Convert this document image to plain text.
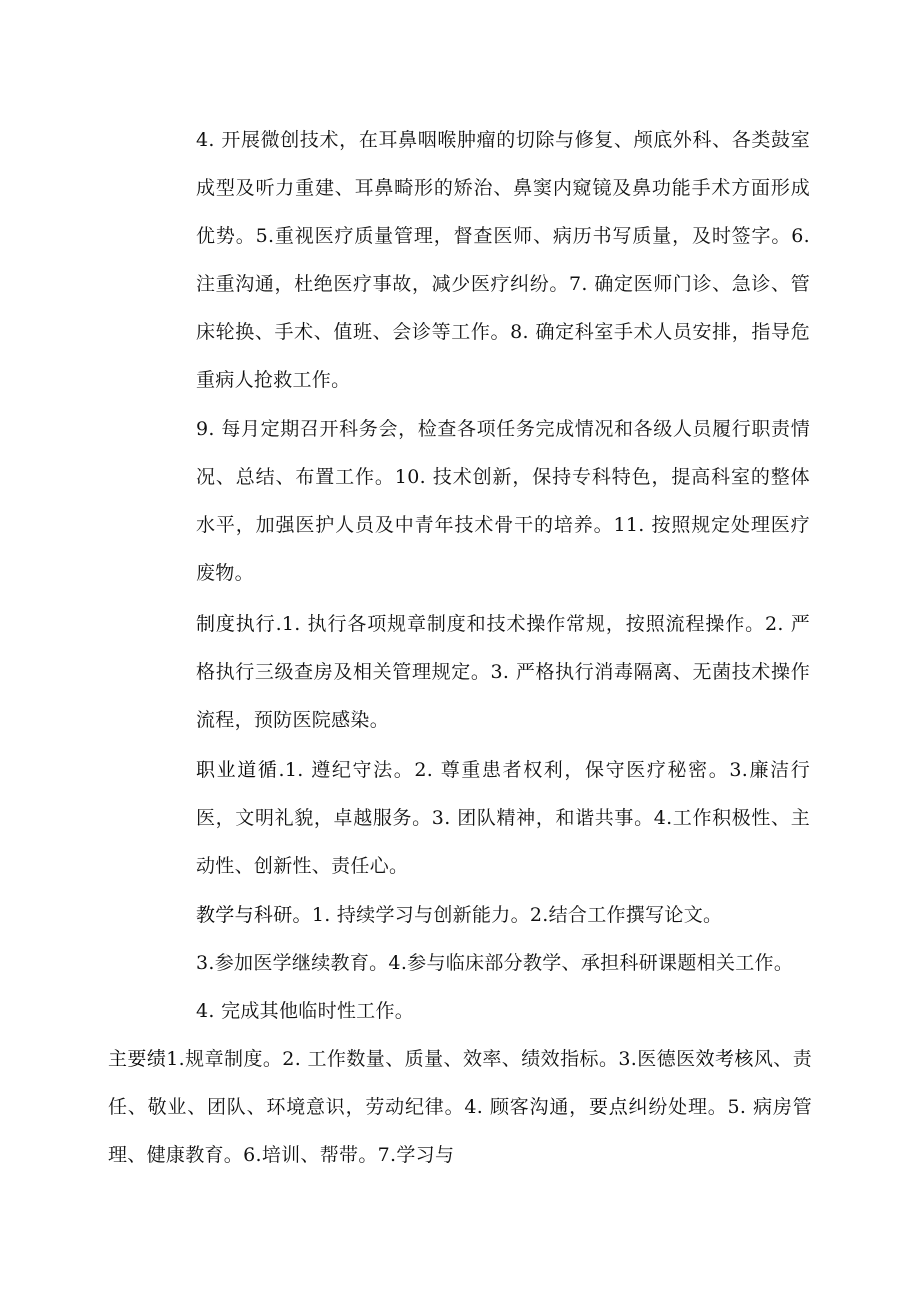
4. 开展微创技术，在耳鼻咽喉肿瘤的切除与修复、颅底外科、各类鼓室成型及听力重建、耳鼻畸形的矫治、鼻窦内窥镜及鼻功能手术方面形成优势。5.重视医疗质量管理，督查医师、病历书写质量，及时签字。6.注重沟通，杜绝医疗事故，减少医疗纠纷。7. 确定医师门诊、急诊、管床轮换、手术、值班、会诊等工作。8. 确定科室手术人员安排，指导危重病人抢救工作。

9. 每月定期召开科务会，检查各项任务完成情况和各级人员履行职责情况、总结、布置工作。10. 技术创新，保持专科特色，提高科室的整体水平，加强医护人员及中青年技术骨干的培养。11. 按照规定处理医疗废物。

制度执行.1. 执行各项规章制度和技术操作常规，按照流程操作。2. 严格执行三级查房及相关管理规定。3. 严格执行消毒隔离、无菌技术操作流程，预防医院感染。

职业道循.1. 遵纪守法。2. 尊重患者权利，保守医疗秘密。3.廉洁行医，文明礼貌，卓越服务。3. 团队精神，和谐共事。4.工作积极性、主动性、创新性、责任心。

教学与科研。1. 持续学习与创新能力。2.结合工作撰写论文。

3.参加医学继续教育。4.参与临床部分教学、承担科研课题相关工作。

4. 完成其他临时性工作。

主要绩1.规章制度。2. 工作数量、质量、效率、绩效指标。3.医德医效考核风、责任、敬业、团队、环境意识，劳动纪律。4. 顾客沟通，要点纠纷处理。5. 病房管理、健康教育。6.培训、帮带。7.学习与
